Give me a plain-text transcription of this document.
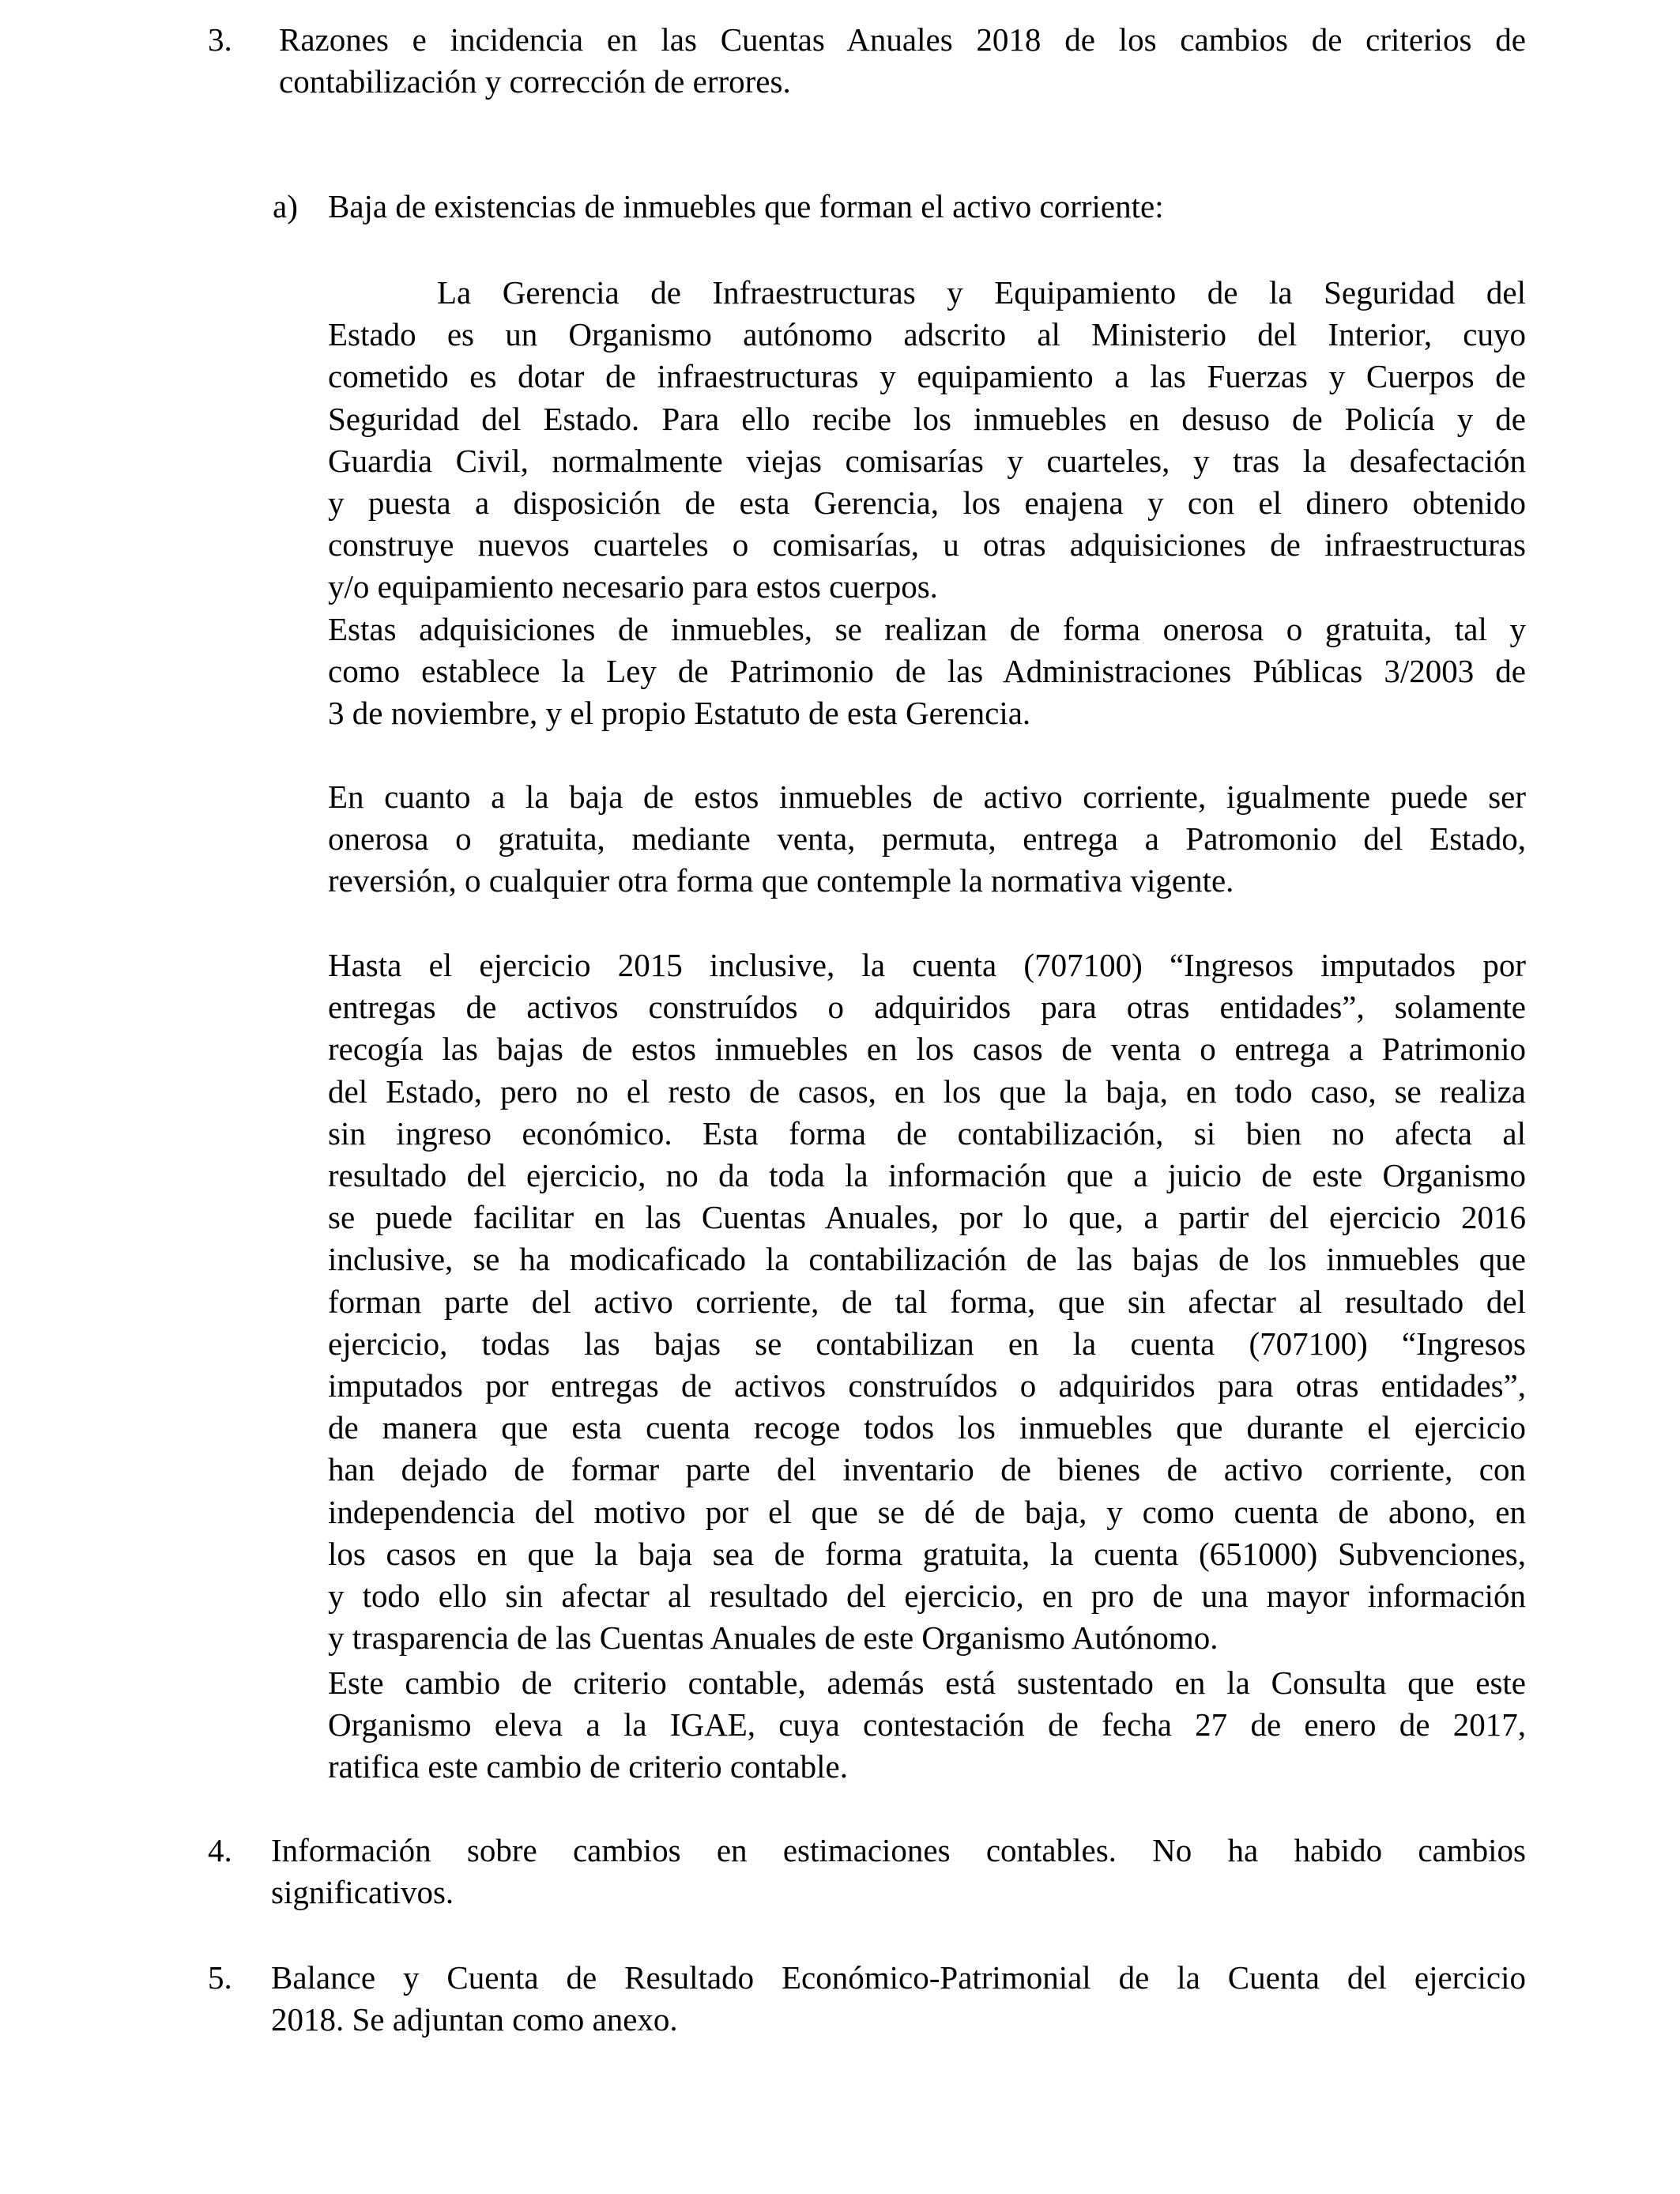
3. Razones e incidencia en las Cuentas Anuales 2018 de los cambios de criterios de
contabilización y corrección de errores.
a) Baja de existencias de inmuebles que forman el activo corriente:
La Gerencia de Infraestructuras y Equipamiento de la Seguridad del
Estado es un Organismo autónomo adscrito al Ministerio del Interior, cuyo
cometido es dotar de infraestructuras y equipamiento a las Fuerzas y Cuerpos de
Seguridad del Estado. Para ello recibe los inmuebles en desuso de Policía y de
Guardia Civil, normalmente viejas comisarías y cuarteles, y tras la desafectación
y puesta a disposición de esta Gerencia, los enajena y con el dinero obtenido
construye nuevos cuarteles o comisarías, u otras adquisiciones de infraestructuras
y/o equipamiento necesario para estos cuerpos.
Estas adquisiciones de inmuebles, se realizan de forma onerosa o gratuita, tal y
como establece la Ley de Patrimonio de las Administraciones Públicas 3/2003 de
3 de noviembre, y el propio Estatuto de esta Gerencia.
En cuanto a la baja de estos inmuebles de activo corriente, igualmente puede ser
onerosa o gratuita, mediante venta, permuta, entrega a Patromonio del Estado,
reversión, o cualquier otra forma que contemple la normativa vigente.
Hasta el ejercicio 2015 inclusive, la cuenta (707100) “Ingresos imputados por
entregas de activos construídos o adquiridos para otras entidades”, solamente
recogía las bajas de estos inmuebles en los casos de venta o entrega a Patrimonio
del Estado, pero no el resto de casos, en los que la baja, en todo caso, se realiza
sin ingreso económico. Esta forma de contabilización, si bien no afecta al
resultado del ejercicio, no da toda la información que a juicio de este Organismo
se puede facilitar en las Cuentas Anuales, por lo que, a partir del ejercicio 2016
inclusive, se ha modicaficado la contabilización de las bajas de los inmuebles que
forman parte del activo corriente, de tal forma, que sin afectar al resultado del
ejercicio, todas las bajas se contabilizan en la cuenta (707100) “Ingresos
imputados por entregas de activos construídos o adquiridos para otras entidades”,
de manera que esta cuenta recoge todos los inmuebles que durante el ejercicio
han dejado de formar parte del inventario de bienes de activo corriente, con
independencia del motivo por el que se dé de baja, y como cuenta de abono, en
los casos en que la baja sea de forma gratuita, la cuenta (651000) Subvenciones,
y todo ello sin afectar al resultado del ejercicio, en pro de una mayor información
y trasparencia de las Cuentas Anuales de este Organismo Autónomo.
Este cambio de criterio contable, además está sustentado en la Consulta que este
Organismo eleva a la IGAE, cuya contestación de fecha 27 de enero de 2017,
ratifica este cambio de criterio contable.
4. Información sobre cambios en estimaciones contables. No ha habido cambios
significativos.
5. Balance y Cuenta de Resultado Económico-Patrimonial de la Cuenta del ejercicio
2018. Se adjuntan como anexo.
